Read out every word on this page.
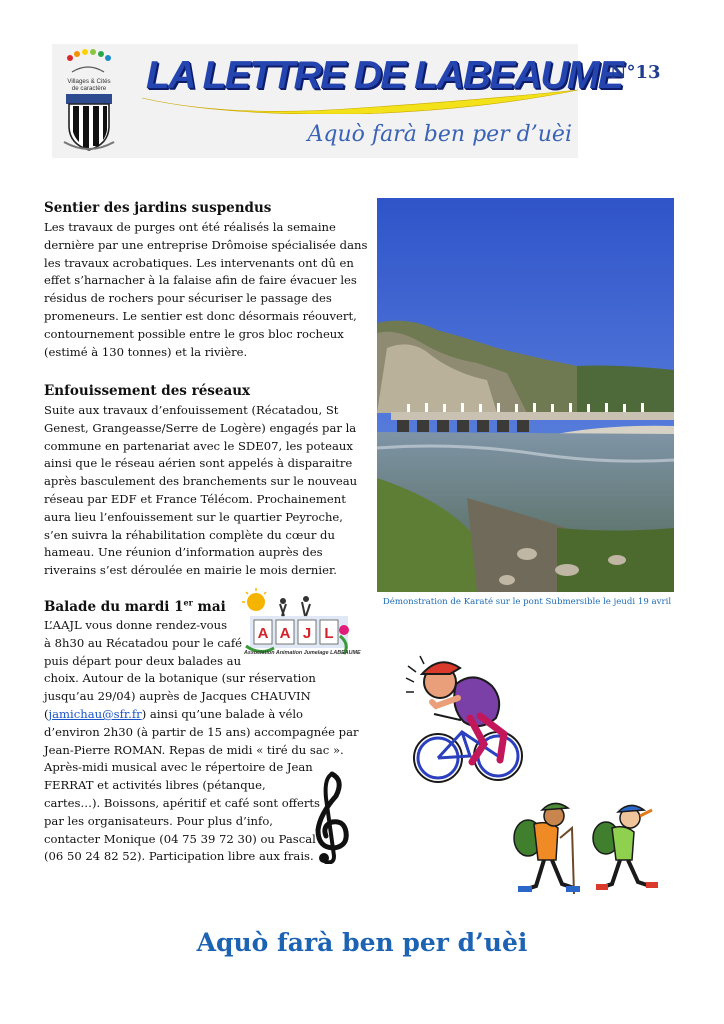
Villages & Cités
de caractère	LA LETTRE DE LABEAUME
Aquò farà ben per d’uèi
N°13
Sentier des jardins suspendus
Les travaux de purges ont été réalisés la semaine
dernière par une entreprise Drômoise spécialisée dans
les travaux acrobatiques. Les intervenants ont dû en
effet s’harnacher à la falaise afin de faire évacuer les
résidus de rochers pour sécuriser le passage des
promeneurs. Le sentier est donc désormais réouvert,
contournement possible entre le gros bloc rocheux
(estimé à 130 tonnes) et la rivière.
Enfouissement des réseaux
Suite aux travaux d’enfouissement (Récatadou, St
Genest, Grangeasse/Serre de Logère) engagés par la
commune en partenariat avec le SDE07, les poteaux
ainsi que le réseau aérien sont appelés à disparaitre
après basculement des branchements sur le nouveau
réseau par EDF et France Télécom. Prochainement
aura lieu l’enfouissement sur le quartier Peyroche,
s’en suivra la réhabilitation complète du cœur du
hameau. Une réunion d’information auprès des
riverains s’est déroulée en mairie le mois dernier.
Balade du mardi 1er mai
L’AAJL vous donne rendez-vous
à 8h30 au Récatadou pour le café
puis départ pour deux balades au
choix. Autour de la botanique (sur réservation
jusqu’au 29/04) auprès de Jacques CHAUVIN
(jamichau@sfr.fr) ainsi qu’une balade à vélo
d’environ 2h30 (à partir de 15 ans) accompagnée par
Jean-Pierre ROMAN. Repas de midi « tiré du sac ».
Après-midi musical avec le répertoire de Jean
FERRAT et activités libres (pétanque,
cartes…). Boissons, apéritif et café sont offerts
par les organisateurs. Pour plus d’info,
contacter Monique (04 75 39 72 30) ou Pascal
(06 50 24 82 52). Participation libre aux frais.
Démonstration de Karaté sur le pont Submersible le jeudi 19 avril
A A J L
Association Animation Jumelage LABEAUME
Aquò farà ben per d’uèi
